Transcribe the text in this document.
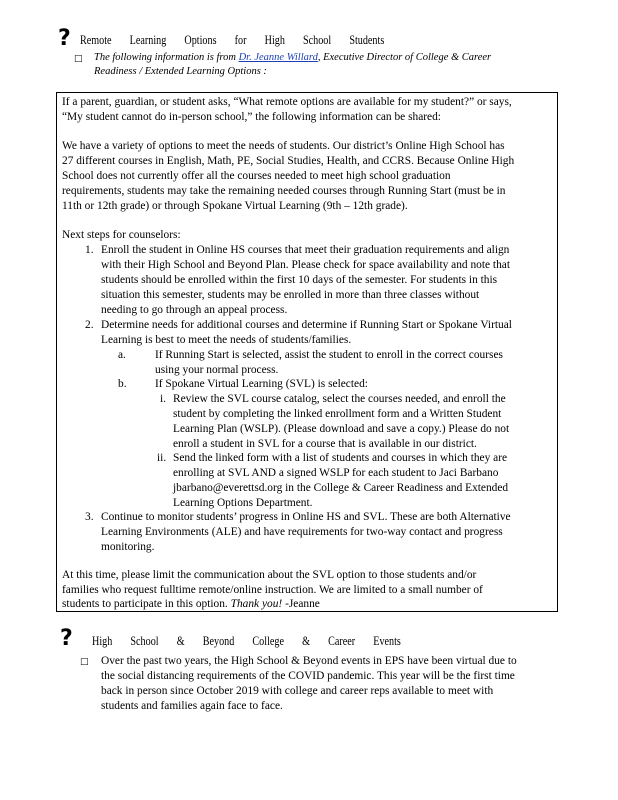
? Remote Learning Options for High School Students
□ The following information is from Dr. Jeanne Willard, Executive Director of College & Career
Readiness / Extended Learning Options :
If a parent, guardian, or student asks, “What remote options are available for my student?” or says,
“My student cannot do in-person school,” the following information can be shared:
We have a variety of options to meet the needs of students. Our district’s Online High School has
27 different courses in English, Math, PE, Social Studies, Health, and CCRS. Because Online High
School does not currently offer all the courses needed to meet high school graduation
requirements, students may take the remaining needed courses through Running Start (must be in
11th or 12th grade) or through Spokane Virtual Learning (9th – 12th grade).
Next steps for counselors:
1. Enroll the student in Online HS courses that meet their graduation requirements and align
with their High School and Beyond Plan. Please check for space availability and note that
students should be enrolled within the first 10 days of the semester. For students in this
situation this semester, students may be enrolled in more than three classes without
needing to go through an appeal process.
2. Determine needs for additional courses and determine if Running Start or Spokane Virtual
Learning is best to meet the needs of students/families.
a.	If Running Start is selected, assist the student to enroll in the correct courses
using your normal process.
b. If Spokane Virtual Learning (SVL) is selected:
i. Review the SVL course catalog, select the courses needed, and enroll the
student by completing the linked enrollment form and a Written Student
Learning Plan (WSLP). (Please download and save a copy.) Please do not
enroll a student in SVL for a course that is available in our district.
ii. Send the linked form with a list of students and courses in which they are
enrolling at SVL AND a signed WSLP for each student to Jaci Barbano
jbarbano@everettsd.org in the College & Career Readiness and Extended
Learning Options Department.
3. Continue to monitor students’ progress in Online HS and SVL. These are both Alternative
Learning Environments (ALE) and have requirements for two-way contact and progress
monitoring.
At this time, please limit the communication about the SVL option to those students and/or
families who request fulltime remote/online instruction. We are limited to a small number of
students to participate in this option. Thank you! -Jeanne
? High School & Beyond College & Career Events
□ Over the past two years, the High School & Beyond events in EPS have been virtual due to
the social distancing requirements of the COVID pandemic. This year will be the first time
back in person since October 2019 with college and career reps available to meet with
students and families again face to face.
